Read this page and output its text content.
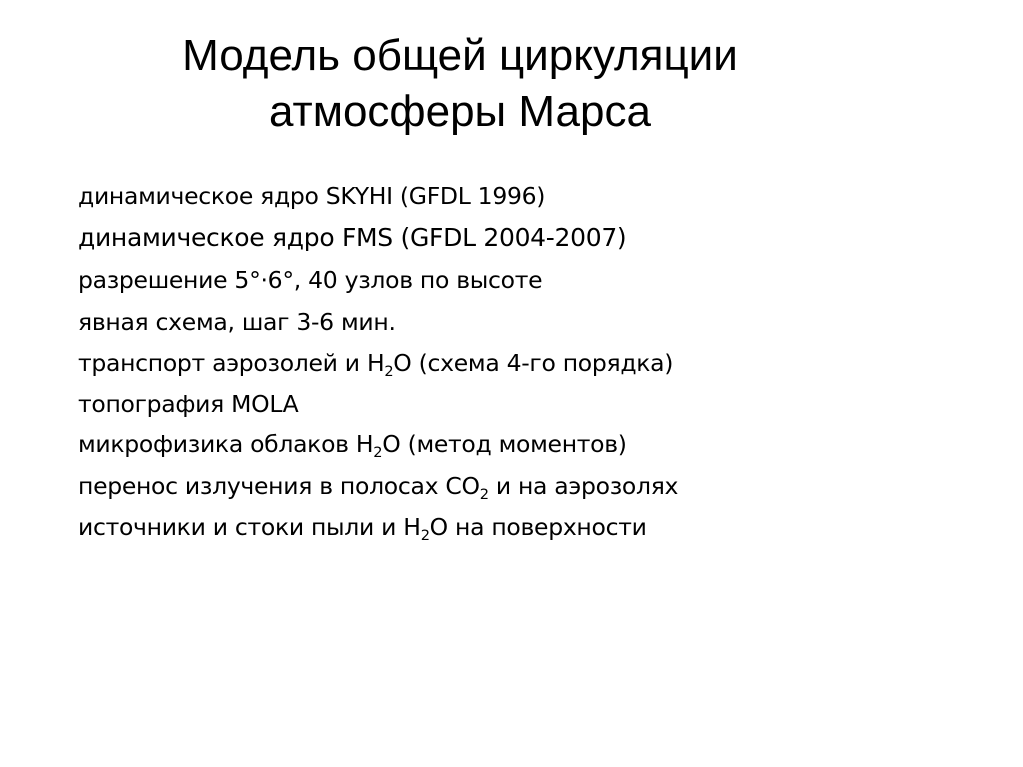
Модель общей циркуляции
атмосферы Марса
динамическое ядро SKYHI (GFDL 1996)
динамическое ядро FMS (GFDL 2004-2007)
разрешение 5°⋅6°, 40 узлов по высоте
явная схема, шаг 3-6 мин.
транспорт аэрозолей и $H_2O$ (схема 4-го порядка)
топография MOLA
микрофизика облаков $H_2O$ (метод моментов)
перенос излучения в полосах $CO_2$ и на аэрозолях
источники и стоки пыли и $H_2O$ на поверхности
